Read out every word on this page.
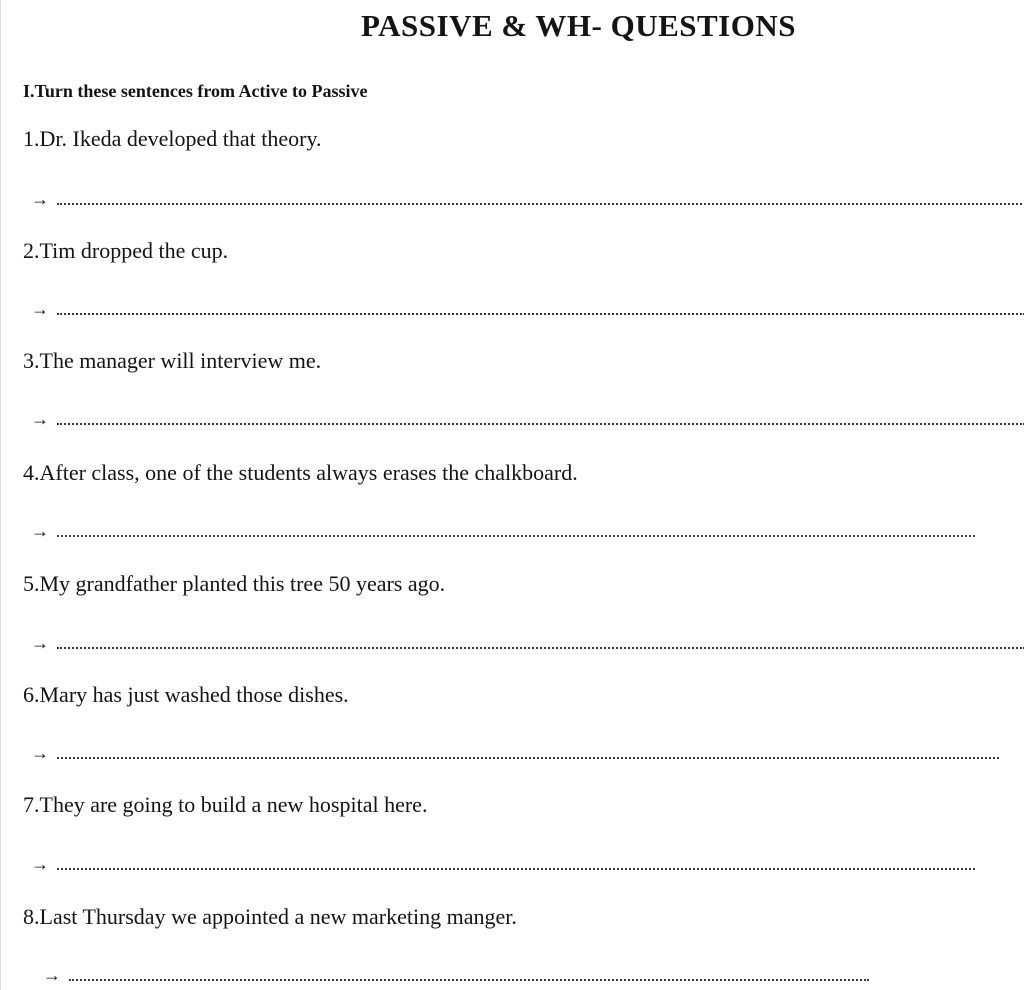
PASSIVE & WH- QUESTIONS
I.Turn these sentences from Active to Passive
1.Dr. Ikeda developed that theory.
→
2.Tim dropped the cup.
→
3.The manager will interview me.
→
4.After class, one of the students always erases the chalkboard.
→
5.My grandfather planted this tree 50 years ago.
→
6.Mary has just washed those dishes.
→
7.They are going to build a new hospital here.
→
8.Last Thursday we appointed a new marketing manger.
→
